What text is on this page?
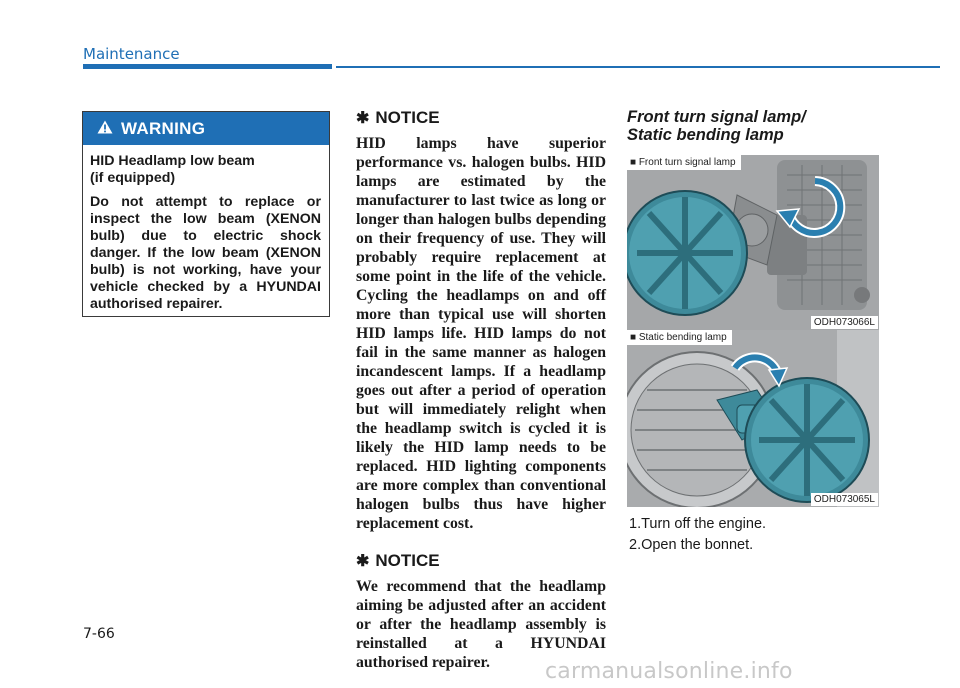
Maintenance
WARNING

HID Headlamp low beam
(if equipped)

Do not attempt to replace or inspect the low beam (XENON bulb) due to electric shock danger. If the low beam (XENON bulb) is not working, have your vehicle checked by a HYUNDAI authorised repairer.

✱ NOTICE

HID lamps have superior performance vs. halogen bulbs. HID lamps are estimated by the manufacturer to last twice as long or longer than halogen bulbs depending on their frequency of use. They will probably require replacement at some point in the life of the vehicle. Cycling the headlamps on and off more than typical use will shorten HID lamps life. HID lamps do not fail in the same manner as halogen incandescent lamps. If a headlamp goes out after a period of operation but will immediately relight when the headlamp switch is cycled it is likely the HID lamp needs to be replaced. HID lighting components are more complex than conventional halogen bulbs thus have higher replacement cost.

✱ NOTICE

We recommend that the headlamp aiming be adjusted after an accident or after the headlamp assembly is reinstalled at a HYUNDAI authorised repairer.

Front turn signal lamp/
Static bending lamp

■ Front turn signal lamp
ODH073066L
■ Static bending lamp
ODH073065L
1.Turn off the engine.
2.Open the bonnet.
7-66
carmanualsonline.info
